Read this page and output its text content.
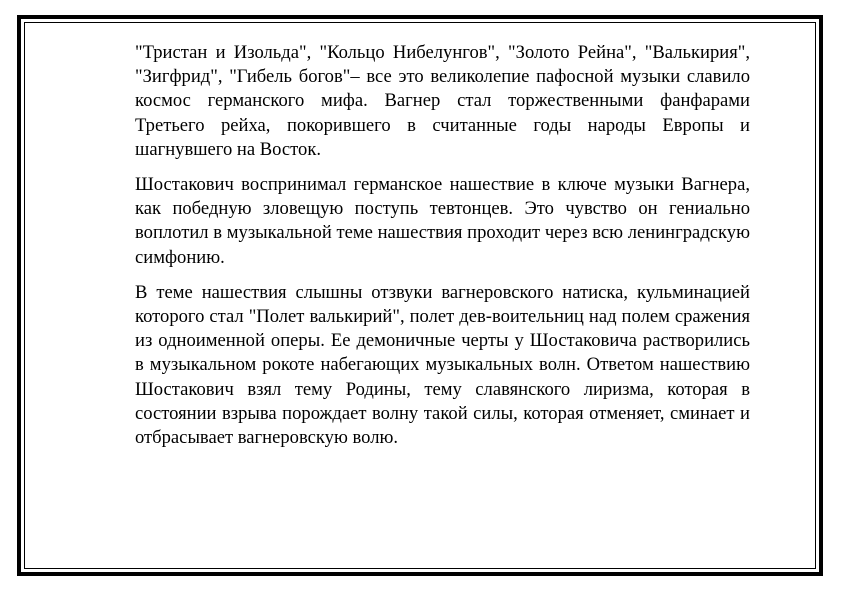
"Тристан и Изольда", "Кольцо Нибелунгов", "Золото Рейна", "Валькирия", "Зигфрид", "Гибель богов"– все это великолепие пафосной музыки славило космос германского мифа. Вагнер стал торжественными фанфарами Третьего рейха, покорившего в считанные годы народы Европы и шагнувшего на Восток.

Шостакович воспринимал германское нашествие в ключе музыки Вагнера, как победную зловещую поступь тевтонцев. Это чувство он гениально воплотил в музыкальной теме нашествия проходит через всю ленинградскую симфонию.

В теме нашествия слышны отзвуки вагнеровского натиска, кульминацией которого стал "Полет валькирий", полет дев-воительниц над полем сражения из одноименной оперы. Ее демоничные черты у Шостаковича растворились в музыкальном рокоте набегающих музыкальных волн. Ответом нашествию Шостакович взял тему Родины, тему славянского лиризма, которая в состоянии взрыва порождает волну такой силы, которая отменяет, сминает и отбрасывает вагнеровскую волю.
